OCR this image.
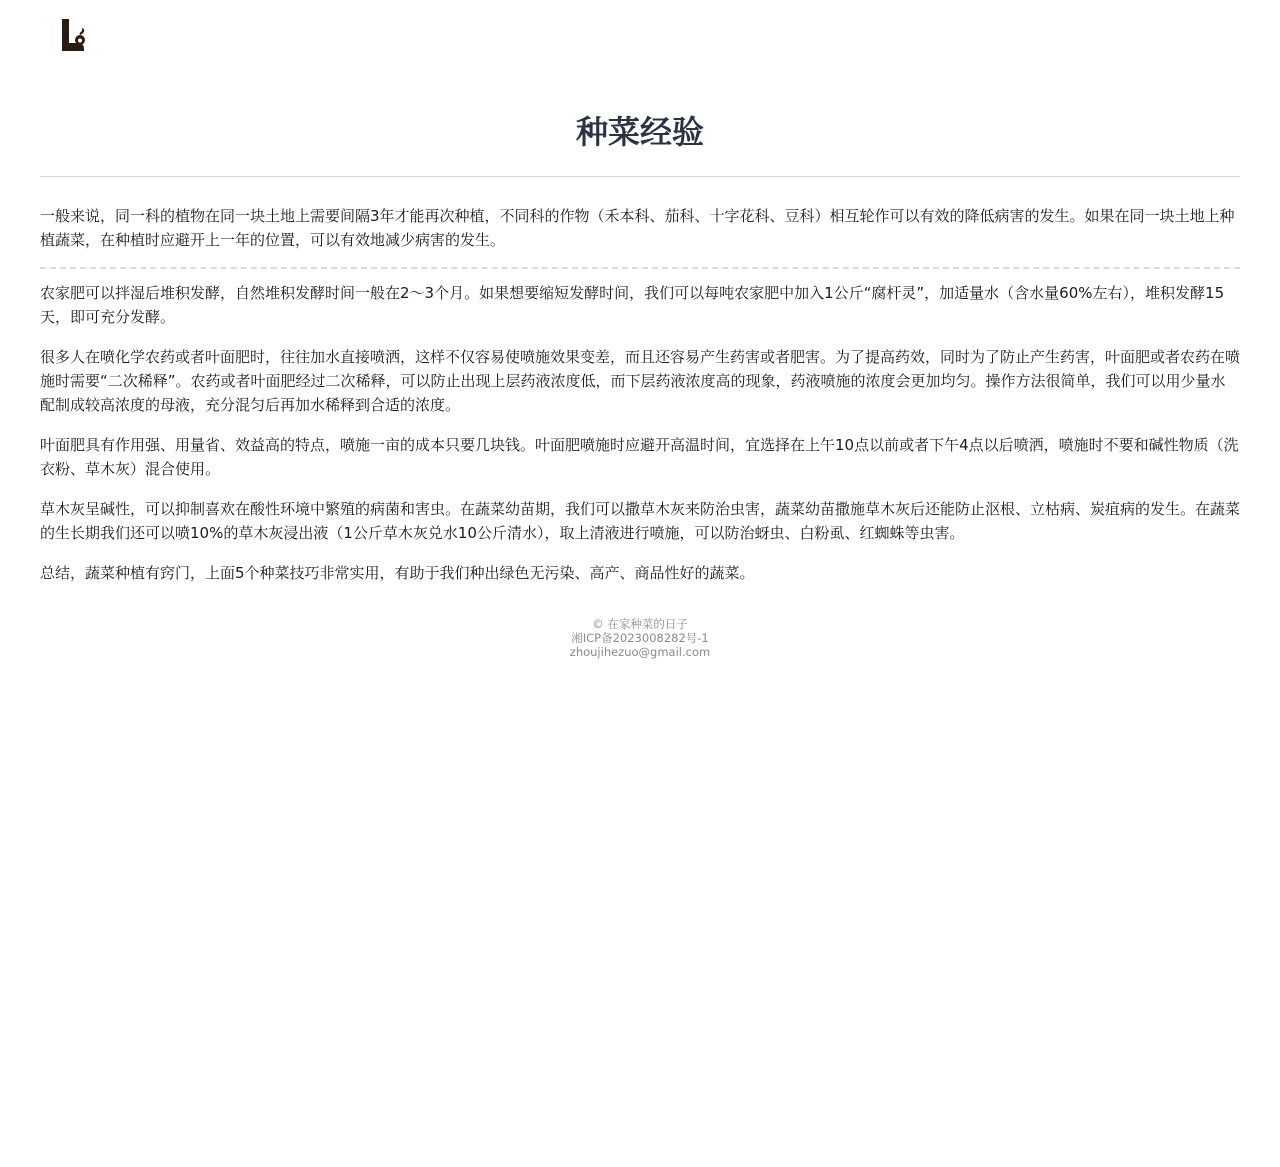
种菜经验

一般来说，同一科的植物在同一块土地上需要间隔3年才能再次种植，不同科的作物（禾本科、茄科、十字花科、豆科）相互轮作可以有效的降低病害的发生。如果在同一块土地上种植蔬菜，在种植时应避开上一年的位置，可以有效地减少病害的发生。

农家肥可以拌湿后堆积发酵，自然堆积发酵时间一般在2～3个月。如果想要缩短发酵时间，我们可以每吨农家肥中加入1公斤“腐杆灵”，加适量水（含水量60%左右），堆积发酵15天，即可充分发酵。

很多人在喷化学农药或者叶面肥时，往往加水直接喷洒，这样不仅容易使喷施效果变差，而且还容易产生药害或者肥害。为了提高药效，同时为了防止产生药害，叶面肥或者农药在喷施时需要“二次稀释”。农药或者叶面肥经过二次稀释，可以防止出现上层药液浓度低，而下层药液浓度高的现象，药液喷施的浓度会更加均匀。操作方法很简单，我们可以用少量水配制成较高浓度的母液，充分混匀后再加水稀释到合适的浓度。

叶面肥具有作用强、用量省、效益高的特点，喷施一亩的成本只要几块钱。叶面肥喷施时应避开高温时间，宜选择在上午10点以前或者下午4点以后喷洒，喷施时不要和碱性物质（洗衣粉、草木灰）混合使用。

草木灰呈碱性，可以抑制喜欢在酸性环境中繁殖的病菌和害虫。在蔬菜幼苗期，我们可以撒草木灰来防治虫害，蔬菜幼苗撒施草木灰后还能防止沤根、立枯病、炭疽病的发生。在蔬菜的生长期我们还可以喷10%的草木灰浸出液（1公斤草木灰兑水10公斤清水），取上清液进行喷施，可以防治蚜虫、白粉虱、红蜘蛛等虫害。

总结，蔬菜种植有窍门，上面5个种菜技巧非常实用，有助于我们种出绿色无污染、高产、商品性好的蔬菜。

© 在家种菜的日子
湘ICP备2023008282号-1
zhoujihezuo@gmail.com
